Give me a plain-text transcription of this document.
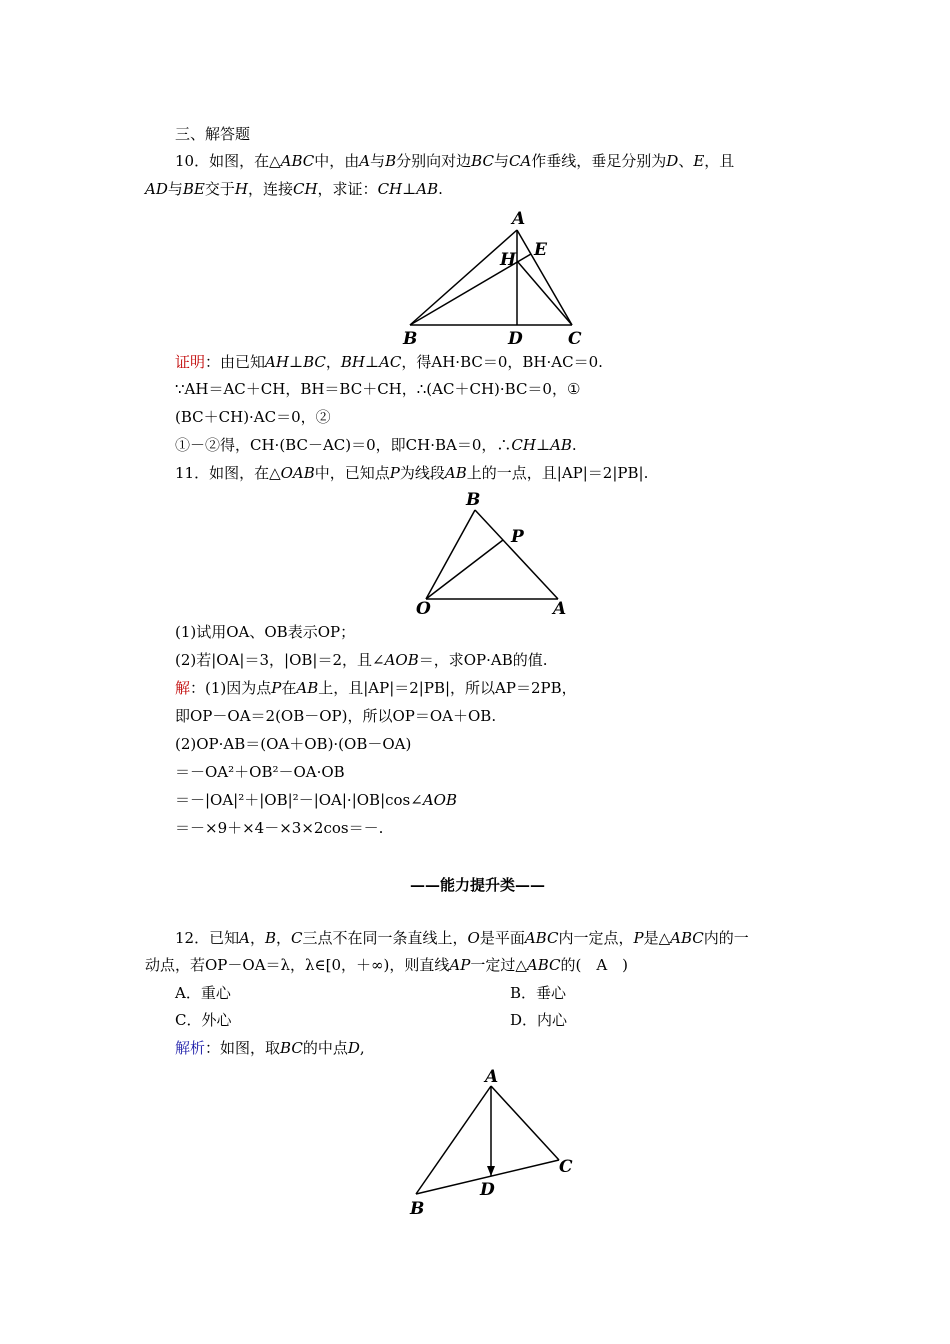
三、解答题
10．如图，在△ABC中，由A与B分别向对边BC与CA作垂线，垂足分别为D、E，且
AD与BE交于H，连接CH，求证：CH⊥AB.
A
E
H
B	D	C
证明：由已知AH⊥BC，BH⊥AC，得AH·BC＝0，BH·AC＝0.
∵AH＝AC＋CH，BH＝BC＋CH，∴(AC＋CH)·BC＝0，①
(BC＋CH)·AC＝0，②
①－②得，CH·(BC－AC)＝0，即CH·BA＝0，∴CH⊥AB.
11．如图，在△OAB中，已知点P为线段AB上的一点，且|AP|＝2|PB|.
B
P
O	A
(1)试用OA、OB表示OP；
(2)若|OA|＝3，|OB|＝2，且∠AOB＝，求OP·AB的值.
解：(1)因为点P在AB上，且|AP|＝2|PB|，所以AP＝2PB，
即OP－OA＝2(OB－OP)，所以OP＝OA＋OB.
(2)OP·AB＝(OA＋OB)·(OB－OA)
＝－OA²＋OB²－OA·OB
＝－|OA|²＋|OB|²－|OA|·|OB|cos∠AOB
＝－×9＋×4－×3×2cos＝－.
——能力提升类——
12．已知A，B，C三点不在同一条直线上，O是平面ABC内一定点，P是△ABC内的一
动点，若OP－OA＝λ，λ∈[0，＋∞)，则直线AP一定过△ABC的(　A　)
A．重心	B．垂心
C．外心	D．内心
解析：如图，取BC的中点D,
A
C
D
B
